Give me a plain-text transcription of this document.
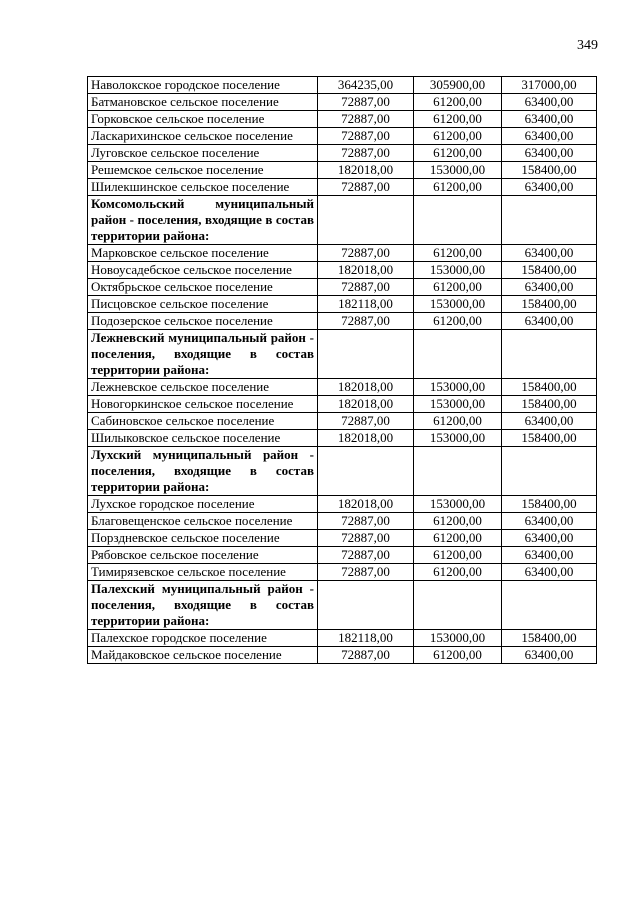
349
Наволокское городское поселение	364235,00	305900,00	317000,00
Батмановское сельское поселение	72887,00	61200,00	63400,00
Горковское сельское поселение	72887,00	61200,00	63400,00
Ласкарихинское сельское поселение	72887,00	61200,00	63400,00
Луговское сельское поселение	72887,00	61200,00	63400,00
Решемское сельское поселение	182018,00	153000,00	158400,00
Шилекшинское сельское поселение	72887,00	61200,00	63400,00
Комсомольский муниципальный район - поселения, входящие в состав территории района:			
Марковское сельское поселение	72887,00	61200,00	63400,00
Новоусадебское сельское поселение	182018,00	153000,00	158400,00
Октябрьское сельское поселение	72887,00	61200,00	63400,00
Писцовское сельское поселение	182118,00	153000,00	158400,00
Подозерское сельское поселение	72887,00	61200,00	63400,00
Лежневский муниципальный район - поселения, входящие в состав территории района:			
Лежневское сельское поселение	182018,00	153000,00	158400,00
Новогоркинское сельское поселение	182018,00	153000,00	158400,00
Сабиновское сельское поселение	72887,00	61200,00	63400,00
Шилыковское сельское поселение	182018,00	153000,00	158400,00
Лухский муниципальный район - поселения, входящие в состав территории района:			
Лухское городское поселение	182018,00	153000,00	158400,00
Благовещенское сельское поселение	72887,00	61200,00	63400,00
Порздневское сельское поселение	72887,00	61200,00	63400,00
Рябовское сельское поселение	72887,00	61200,00	63400,00
Тимирязевское сельское поселение	72887,00	61200,00	63400,00
Палехский муниципальный район - поселения, входящие в состав территории района:			
Палехское городское поселение	182118,00	153000,00	158400,00
Майдаковское сельское поселение	72887,00	61200,00	63400,00
